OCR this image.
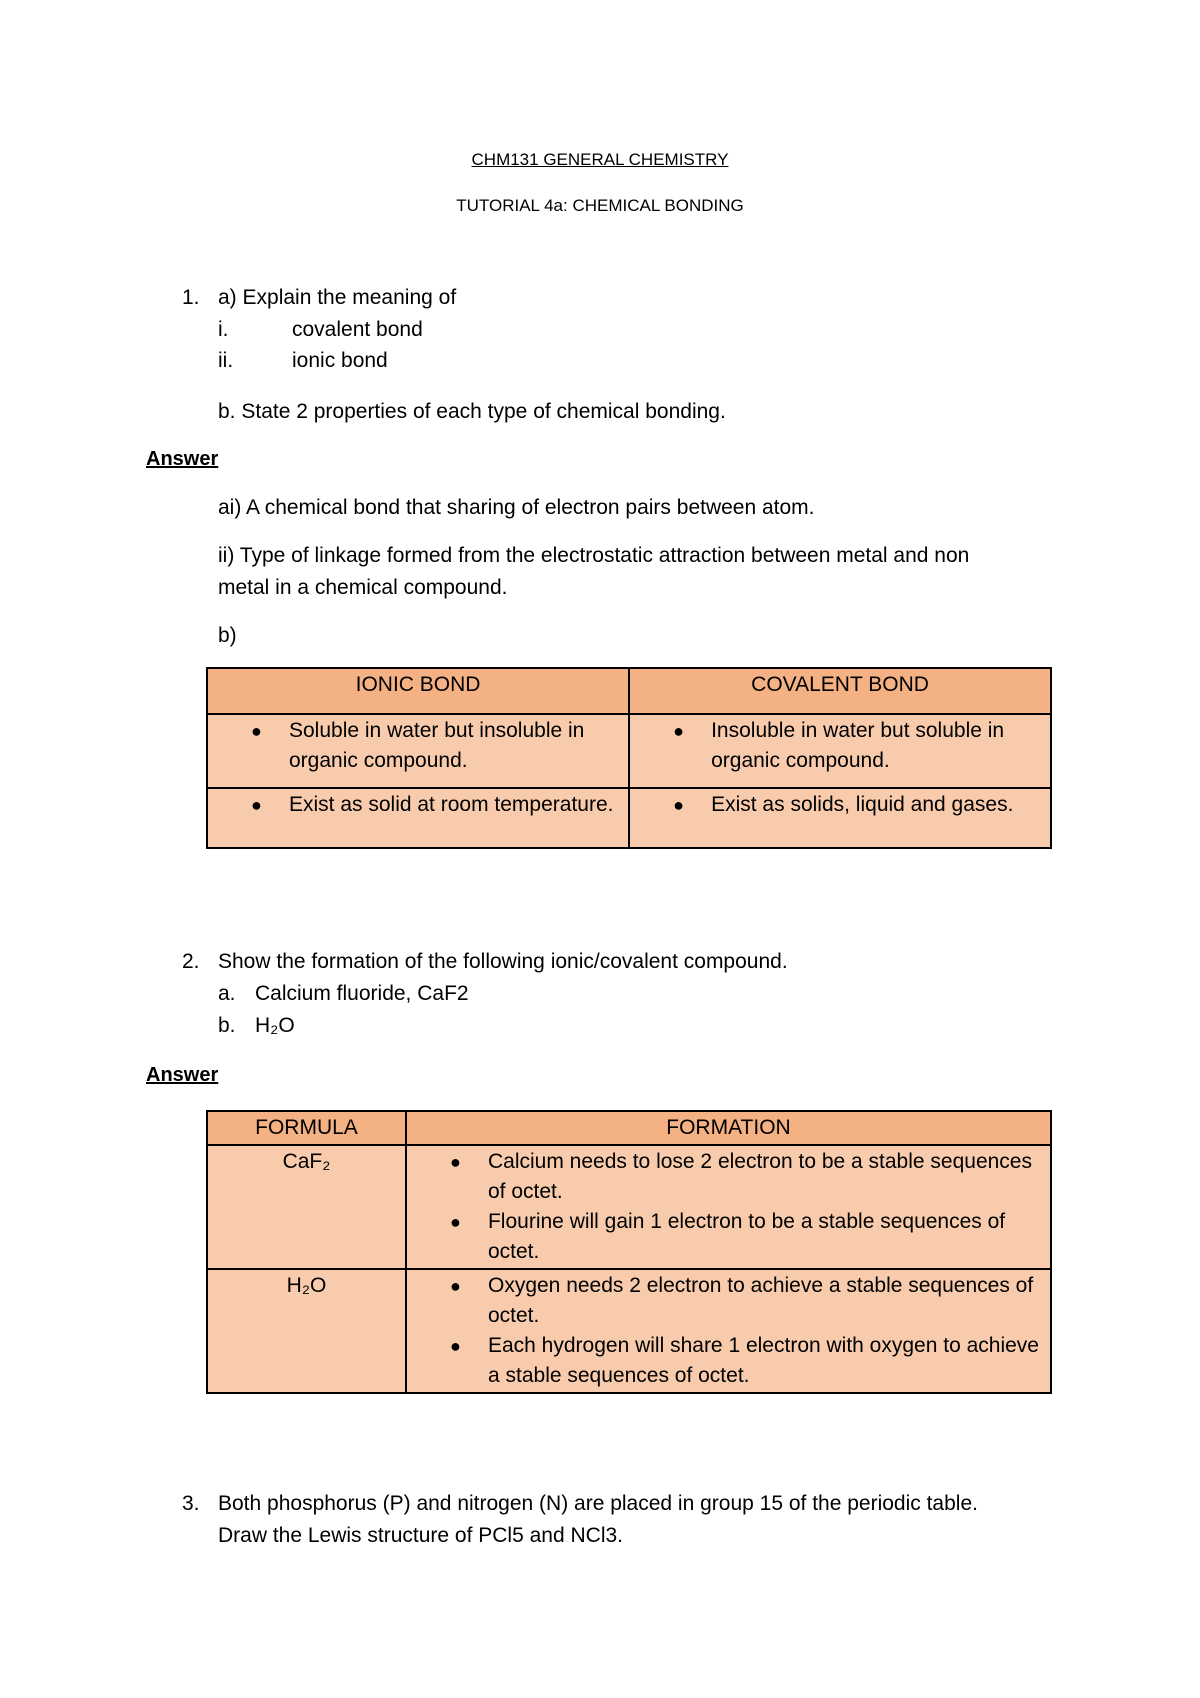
CHM131 GENERAL CHEMISTRY
TUTORIAL 4a: CHEMICAL BONDING
1. a) Explain the meaning of
i.	covalent bond
ii.	ionic bond
b. State 2 properties of each type of chemical bonding.
Answer
ai) A chemical bond that sharing of electron pairs between atom.
ii) Type of linkage formed from the electrostatic attraction between metal and non
metal in a chemical compound.
b)
IONIC BOND	COVALENT BOND

● Soluble in water but insoluble in organic compound.	● Insoluble in water but soluble in organic compound.

● Exist as solid at room temperature.	● Exist as solids, liquid and gases.
2. Show the formation of the following ionic/covalent compound.
a. Calcium fluoride, CaF2
b. H₂O
Answer
FORMULA	FORMATION
CaF₂	● Calcium needs to lose 2 electron to be a stable sequences of octet.
● Flourine will gain 1 electron to be a stable sequences of octet.

H₂O	● Oxygen needs 2 electron to achieve a stable sequences of octet.
● Each hydrogen will share 1 electron with oxygen to achieve a stable sequences of octet.
3. Both phosphorus (P) and nitrogen (N) are placed in group 15 of the periodic table.
Draw the Lewis structure of PCl5 and NCl3.
